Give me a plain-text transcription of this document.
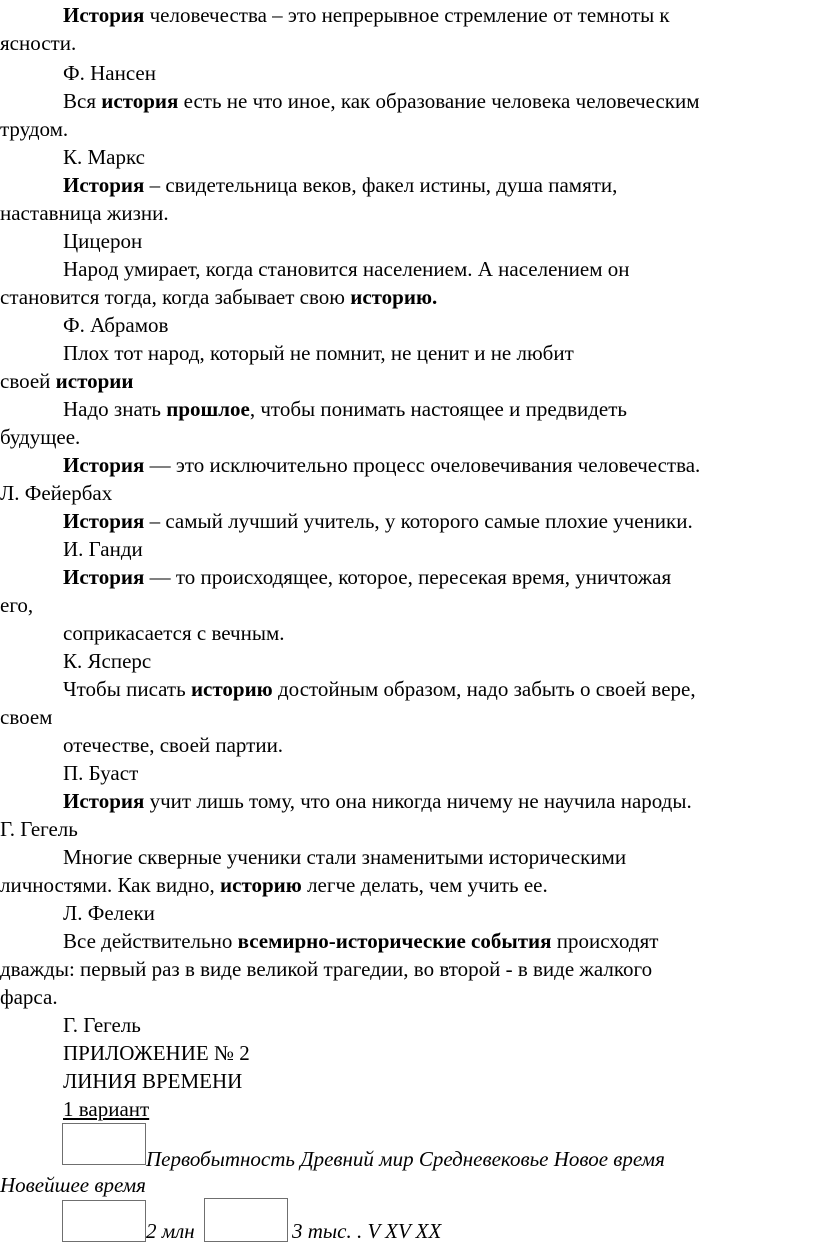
История человечества – это непрерывное стремление от темноты к
ясности.
Ф. Нансен
Вся история есть не что иное, как образование человека человеческим
трудом.
К. Маркс
История – свидетельница веков, факел истины, душа памяти,
наставница жизни.
Цицерон
Народ умирает, когда становится населением. А населением он
становится тогда, когда забывает свою историю.
Ф. Абрамов
Плох тот народ, который не помнит, не ценит и не любит
своей истории
Надо знать прошлое, чтобы понимать настоящее и предвидеть
будущее.
История — это исключительно процесс очеловечивания человечества.
Л. Фейербах
История – самый лучший учитель, у которого самые плохие ученики.
И. Ганди
История — то происходящее, которое, пересекая время, уничтожая
его,
соприкасается с вечным.
К. Ясперс
Чтобы писать историю достойным образом, надо забыть о своей вере,
своем
отечестве, своей партии.
П. Буаст
История учит лишь тому, что она никогда ничему не научила народы.
Г. Гегель
Многие скверные ученики стали знаменитыми историческими
личностями. Как видно, историю легче делать, чем учить ее.
Л. Фелеки
Все действительно всемирно-исторические события происходят
дважды: первый раз в виде великой трагедии, во второй - в виде жалкого
фарса.
Г. Гегель
ПРИЛОЖЕНИЕ № 2
ЛИНИЯ ВРЕМЕНИ
1 вариант
Первобытность Древний мир Средневековье Новое время
Новейшее время
2 млн	3 тыс. . V XV XX
